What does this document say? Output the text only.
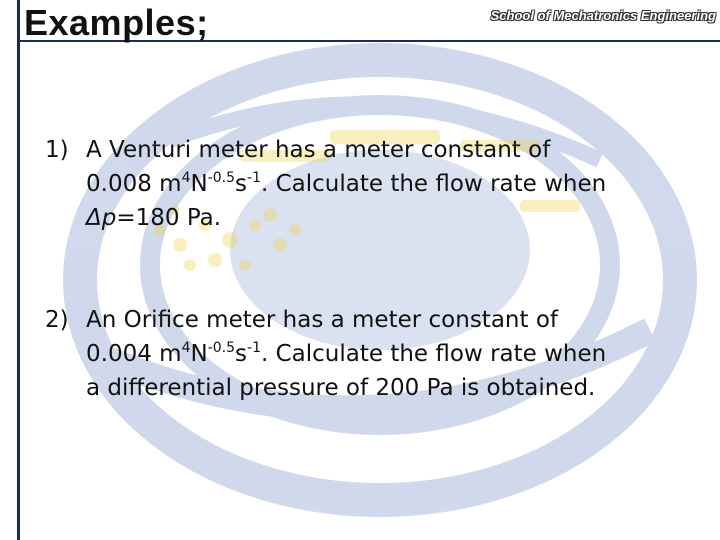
Examples;	School of Mechatronics Engineering
1) A Venturi meter has a meter constant of
0.008 $m^4N^{-0.5}s^{-1}$. Calculate the flow rate when
Δp=180 Pa.
2) An Orifice meter has a meter constant of
0.004 $m^4N^{-0.5}s^{-1}$. Calculate the flow rate when
a differential pressure of 200 Pa is obtained.
